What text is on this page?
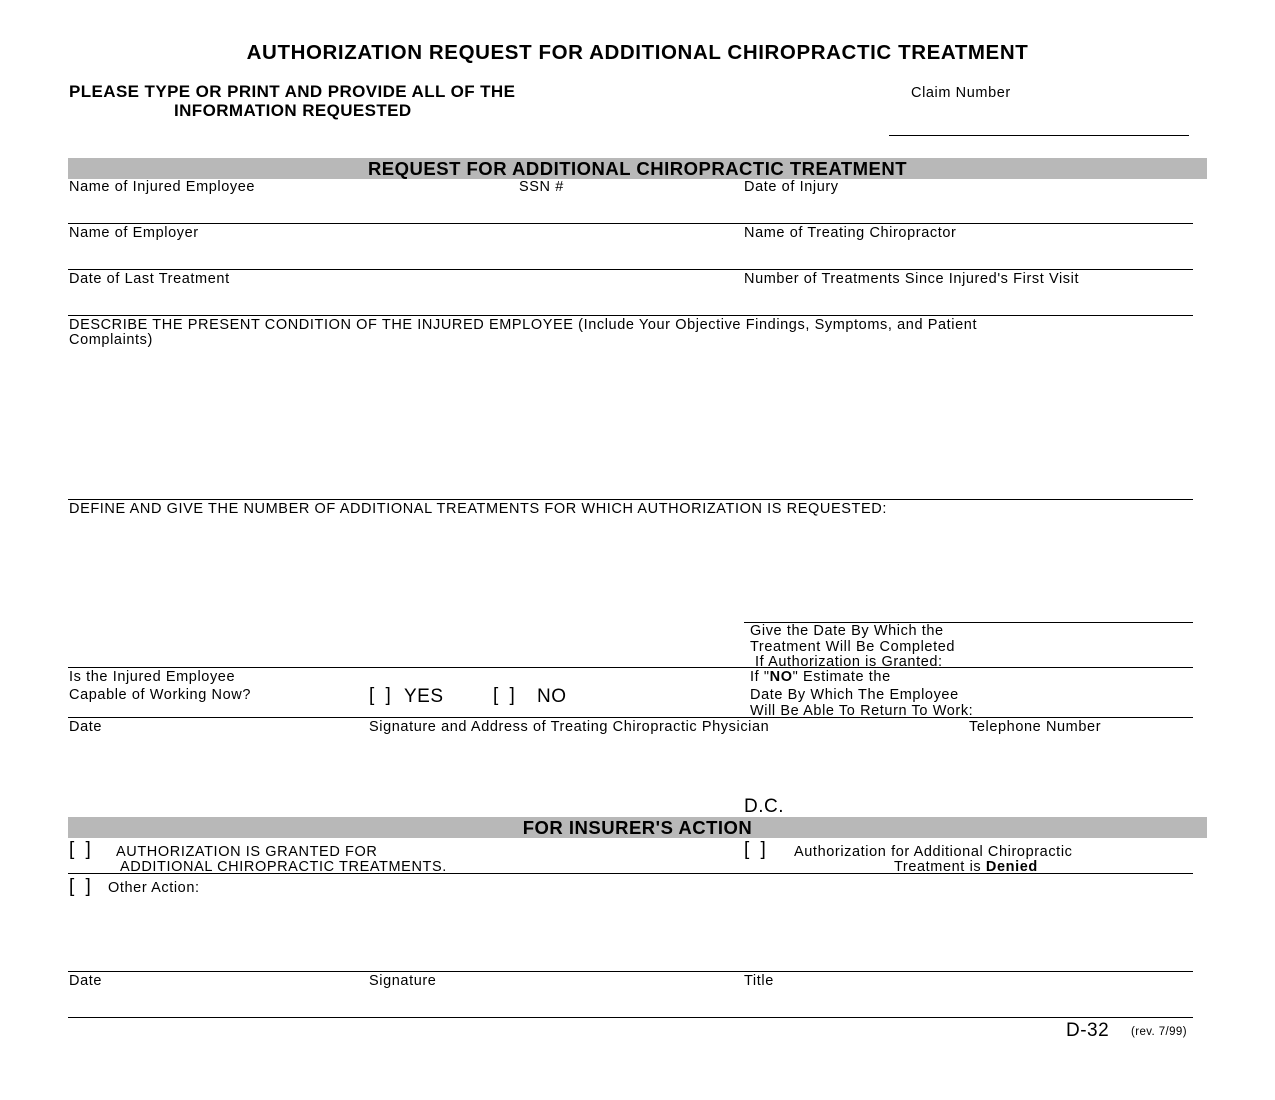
AUTHORIZATION REQUEST FOR ADDITIONAL CHIROPRACTIC TREATMENT
PLEASE TYPE OR PRINT AND PROVIDE ALL OF THE
INFORMATION REQUESTED
Claim Number
REQUEST FOR ADDITIONAL CHIROPRACTIC TREATMENT
Name of Injured Employee	SSN #	Date of Injury
Name of Employer	Name of Treating Chiropractor
Date of Last Treatment	Number of Treatments Since Injured's First Visit
DESCRIBE THE PRESENT CONDITION OF THE INJURED EMPLOYEE (Include Your Objective Findings, Symptoms, and Patient
Complaints)
DEFINE AND GIVE THE NUMBER OF ADDITIONAL TREATMENTS FOR WHICH AUTHORIZATION IS REQUESTED:
Give the Date By Which the
Treatment Will Be Completed
If Authorization is Granted:
Is the Injured Employee
Capable of Working Now?	[ ] YES	[ ] NO
If "NO" Estimate the
Date By Which The Employee
Will Be Able To Return To Work:
Date	Signature and Address of Treating Chiropractic Physician	Telephone Number
D.C.
FOR INSURER'S ACTION
[ ] AUTHORIZATION IS GRANTED FOR
ADDITIONAL CHIROPRACTIC TREATMENTS.
[ ] Authorization for Additional Chiropractic
Treatment is Denied
[ ] Other Action:
Date	Signature	Title
D-32 (rev. 7/99)
